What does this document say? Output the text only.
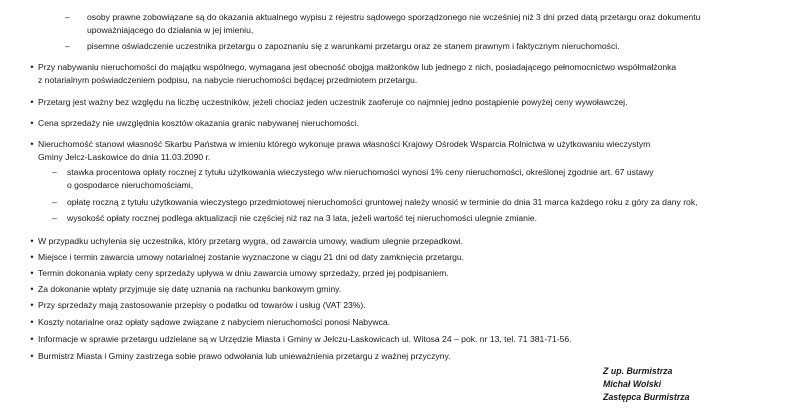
–	osoby prawne zobowiązane są do okazania aktualnego wypisu z rejestru sądowego sporządzonego nie wcześniej niż 3 dni przed datą przetargu oraz dokumentu
upoważniającego do działania w jej imieniu,
–	pisemne oświadczenie uczestnika przetargu o zapoznaniu się z warunkami przetargu oraz ze stanem prawnym i faktycznym nieruchomości.
• Przy nabywaniu nieruchomości do majątku wspólnego, wymagana jest obecność obojga małżonków lub jednego z nich, posiadającego pełnomocnictwo współmałżonka
z notarialnym poświadczeniem podpisu, na nabycie nieruchomości będącej przedmiotem przetargu.
• Przetarg jest ważny bez względu na liczbę uczestników, jeżeli chociaż jeden uczestnik zaoferuje co najmniej jedno postąpienie powyżej ceny wywoławczej.
• Cena sprzedaży nie uwzględnia kosztów okazania granic nabywanej nieruchomości.
• Nieruchomość stanowi własność Skarbu Państwa w imieniu którego wykonuje prawa własności Krajowy Ośrodek Wsparcia Rolnictwa w użytkowaniu wieczystym
Gminy Jelcz-Laskowice do dnia 11.03.2090 r.
–	stawka procentowa opłaty rocznej z tytułu użytkowania wieczystego w/w nieruchomości wynosi 1% ceny nieruchomości, określonej zgodnie art. 67 ustawy
o gospodarce nieruchomościami,
–	opłatę roczną z tytułu użytkowania wieczystego przedmiotowej nieruchomości gruntowej należy wnosić w terminie do dnia 31 marca każdego roku z góry za dany rok,
–	wysokość opłaty rocznej podlega aktualizacji nie częściej niż raz na 3 lata, jeżeli wartość tej nieruchomości ulegnie zmianie.
• W przypadku uchylenia się uczestnika, który przetarg wygra, od zawarcia umowy, wadium ulegnie przepadkowi.
• Miejsce i termin zawarcia umowy notarialnej zostanie wyznaczone w ciągu 21 dni od daty zamknięcia przetargu.
• Termin dokonania wpłaty ceny sprzedaży upływa w dniu zawarcia umowy sprzedaży, przed jej podpisaniem.
• Za dokonanie wpłaty przyjmuje się datę uznania na rachunku bankowym gminy.
• Przy sprzedaży mają zastosowanie przepisy o podatku od towarów i usług (VAT 23%).
• Koszty notarialne oraz opłaty sądowe związane z nabyciem nieruchomości ponosi Nabywca.
• Informacje w sprawie przetargu udzielane są w Urzędzie Miasta i Gminy w Jelczu-Laskowicach ul. Witosa 24 – pok. nr 13, tel. 71 381-71-56.
• Burmistrz Miasta i Gminy zastrzega sobie prawo odwołania lub unieważnienia przetargu z ważnej przyczyny.
Z up. Burmistrza
Michał Wolski
Zastępca Burmistrza
